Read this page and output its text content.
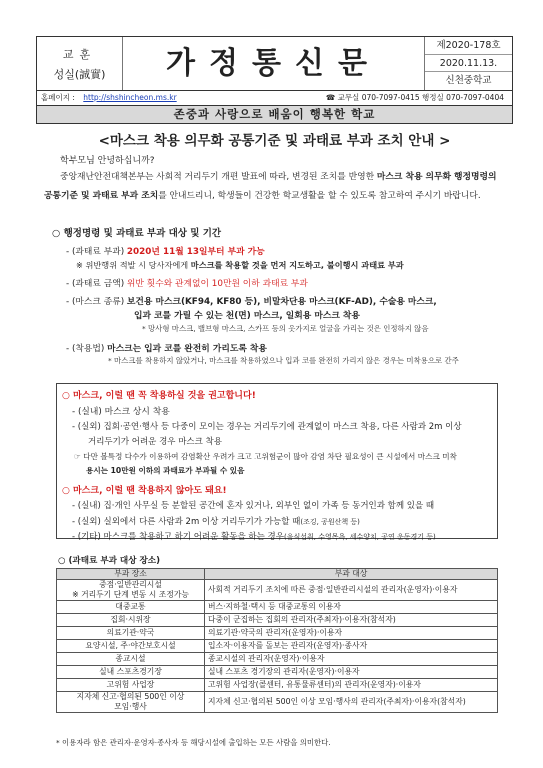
교훈
성실(誠實)	가정통신문
제2020-178호
2020.11.13.
신천중학교
홈페이지 : http://shshincheon.ms.kr	☎ 교무실 070-7097-0415 행정실 070-7097-0404
존중과 사랑으로 배움이 행복한 학교
<마스크 착용 의무화 공통기준 및 과태료 부과 조치 안내 >
학부모님 안녕하십니까?
중앙재난안전대책본부는 사회적 거리두기 개편 발표에 따라, 변경된 조치를 반영한 마스크 착용 의무화 행정명령의 공통기준 및 과태료 부과 조치를 안내드리니, 학생들이 건강한 학교생활을 할 수 있도록 참고하여 주시기 바랍니다.
○ 행정명령 및 과태료 부과 대상 및 기간
- (과태료 부과) 2020년 11월 13일부터 부과 가능
※ 위반행위 적발 시 당사자에게 마스크를 착용할 것을 먼저 지도하고, 불이행시 과태료 부과
- (과태료 금액) 위반 횟수와 관계없이 10만원 이하 과태료 부과
- (마스크 종류) 보건용 마스크(KF94, KF80 등), 비말차단용 마스크(KF-AD), 수술용 마스크,
입과 코를 가릴 수 있는 천(면) 마스크, 일회용 마스크 착용
* 망사형 마스크, 밸브형 마스크, 스카프 등의 옷가지로 얼굴을 가리는 것은 인정하지 않음
- (착용법) 마스크는 입과 코를 완전히 가리도록 착용
* 마스크를 착용하지 않았거나, 마스크를 착용하였으나 입과 코를 완전히 가리지 않은 경우는 미착용으로 간주
○ 마스크, 이럴 땐 꼭 착용하실 것을 권고합니다!
- (실내) 마스크 상시 착용
- (실외) 집회·공연·행사 등 다중이 모이는 경우는 거리두기에 관계없이 마스크 착용, 다른 사람과 2m 이상
거리두기가 어려운 경우 마스크 착용
☞ 다만 볼특정 다수가 이용하여 감염확산 우려가 크고 고위험군이 많아 감염 차단 필요성이 큰 시설에서 마스크 미착
용시는 10만원 이하의 과태료가 부과될 수 있음
○ 마스크, 이럴 땐 착용하지 않아도 돼요!
- (실내) 집·개인 사무실 등 분할된 공간에 혼자 있거나, 외부인 없이 가족 등 동거인과 함께 있을 때
- (실외) 실외에서 다른 사람과 2m 이상 거리두기가 가능할 때(조깅, 공원산책 등)
- (기타) 마스크를 착용하고 하기 어려운 활동을 하는 경우(음식섭취, 수영목욕, 세수양치, 공연 운동경기 등)
○ (과태료 부과 대상 장소)
부과 장소	부과 대상
중점·일반관리시설
※ 거리두기 단계 변동 시 조정가능	사회적 거리두기 조치에 따른 중점·일반관리시설의 관리자(운영자)·이용자
대중교통	버스·지하철·택시 등 대중교통의 이용자
집회·시위장	다중이 군집하는 집회의 관리자(주최자)·이용자(참석자)
의료기관·약국	의료기관·약국의 관리자(운영자)·이용자
요양시설, 주·야간보호시설	입소자·이용자를 돌보는 관리자(운영자)·종사자
종교시설	종교시설의 관리자(운영자)·이용자
실내 스포츠경기장	실내 스포츠 경기장의 관리자(운영자)·이용자
고위험 사업장	고위험 사업장(콜센터, 유통물류센터)의 관리자(운영자)·이용자
지자체 신고·협의된 500인 이상
모임·행사	지자체 신고·협의된 500인 이상 모임·행사의 관리자(주최자)·이용자(참석자)
* 이용자라 함은 관리자·운영자·종사자 등 해당시설에 출입하는 모든 사람을 의미한다.
